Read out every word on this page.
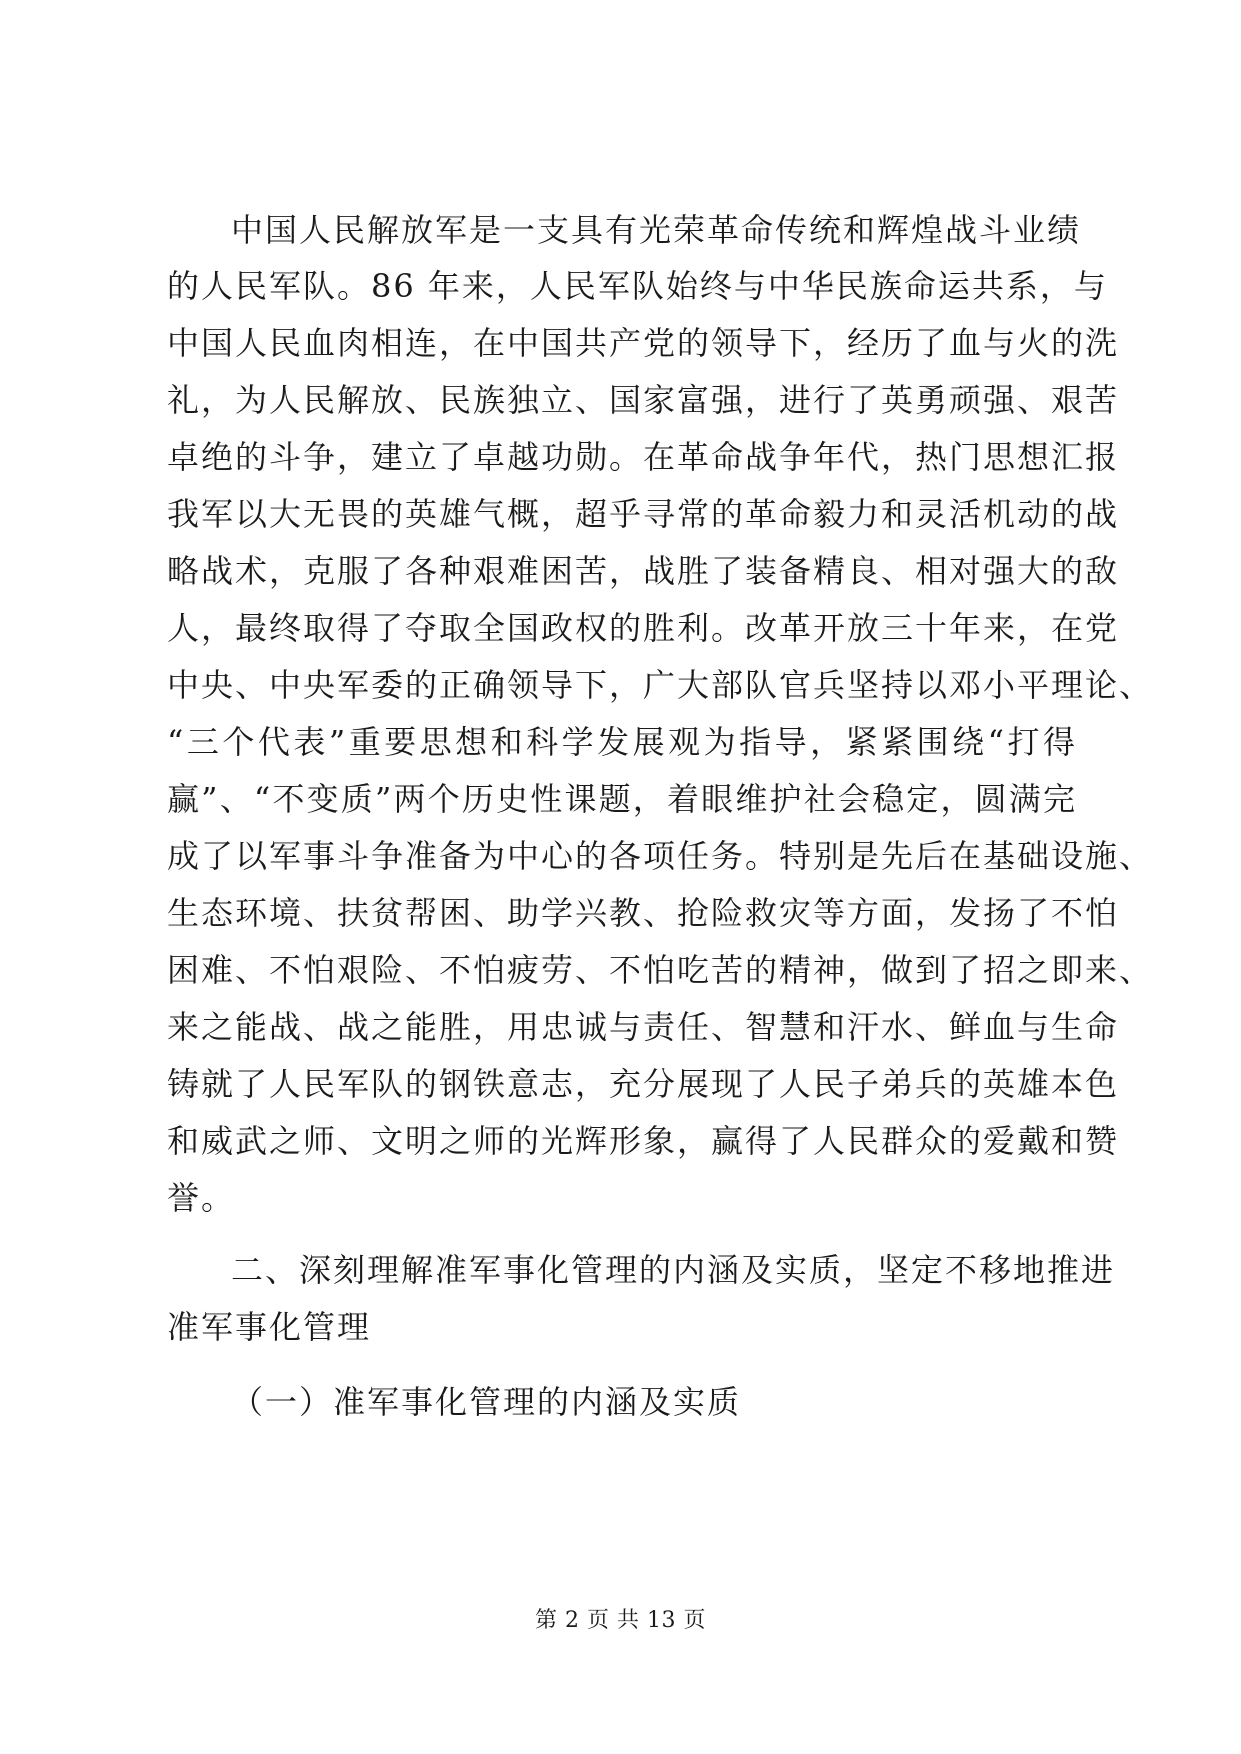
中国人民解放军是一支具有光荣革命传统和辉煌战斗业绩
的人民军队。86 年来，人民军队始终与中华民族命运共系，与
中国人民血肉相连，在中国共产党的领导下，经历了血与火的洗
礼，为人民解放、民族独立、国家富强，进行了英勇顽强、艰苦
卓绝的斗争，建立了卓越功勋。在革命战争年代，热门思想汇报
我军以大无畏的英雄气概，超乎寻常的革命毅力和灵活机动的战
略战术，克服了各种艰难困苦，战胜了装备精良、相对强大的敌
人，最终取得了夺取全国政权的胜利。改革开放三十年来，在党
中央、中央军委的正确领导下，广大部队官兵坚持以邓小平理论、
“三个代表”重要思想和科学发展观为指导，紧紧围绕“打得
赢”、“不变质”两个历史性课题，着眼维护社会稳定，圆满完
成了以军事斗争准备为中心的各项任务。特别是先后在基础设施、
生态环境、扶贫帮困、助学兴教、抢险救灾等方面，发扬了不怕
困难、不怕艰险、不怕疲劳、不怕吃苦的精神，做到了招之即来、
来之能战、战之能胜，用忠诚与责任、智慧和汗水、鲜血与生命
铸就了人民军队的钢铁意志，充分展现了人民子弟兵的英雄本色
和威武之师、文明之师的光辉形象，赢得了人民群众的爱戴和赞
誉。
二、深刻理解准军事化管理的内涵及实质，坚定不移地推进
准军事化管理
（一）准军事化管理的内涵及实质
第 2 页 共 13 页
